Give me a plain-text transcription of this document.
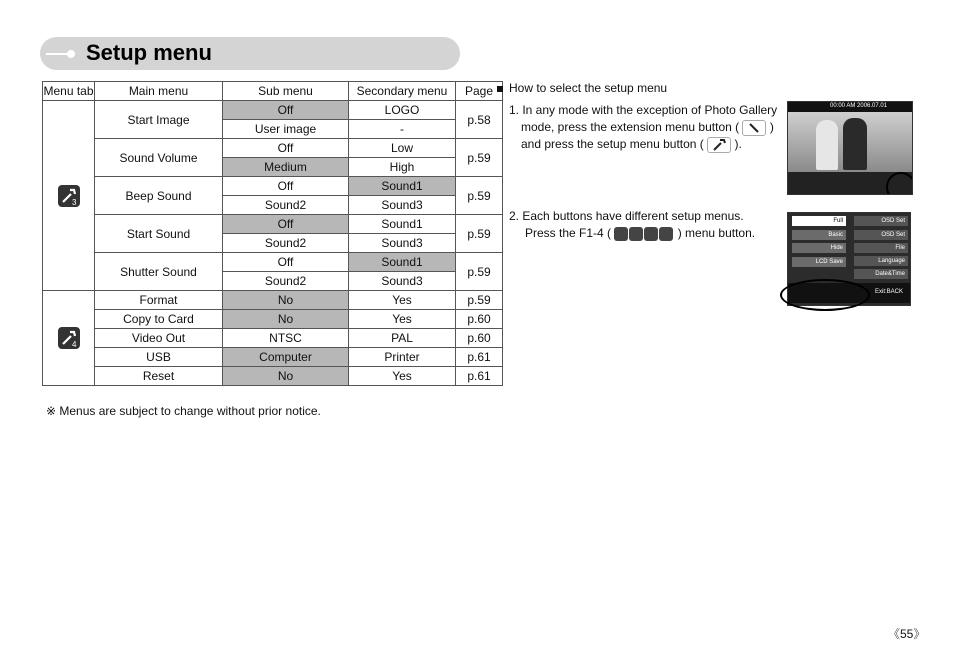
Setup menu
Menu tab	Main menu	Sub menu	Secondary menu	Page

3	Start Image	Off	LOGO	p.58
		User image	-	
	Sound Volume	Off	Low	p.59
		Medium	High	
	Beep Sound	Off	Sound1	p.59
		Sound2	Sound3	
	Start Sound	Off	Sound1	p.59
		Sound2	Sound3	
	Shutter Sound	Off	Sound1	p.59
		Sound2	Sound3	

4	Format	No	Yes	p.59
	Copy to Card	No	Yes	p.60
	Video Out	NTSC	PAL	p.60
	USB	Computer	Printer	p.61
	Reset	No	Yes	p.61
※ Menus are subject to change without prior notice.
How to select the setup menu
1. In any mode with the exception of Photo Gallery
mode, press the extension menu button (	)
and press the setup menu button (	).
2. Each buttons have different setup menus.
Press the F1-4 (	) menu button.
00:00 AM 2006.07.01
Full
Basic
Hide
LCD Save
OSD Set
OSD Set
File
Language
Date&Time
Exit:BACK
《55》
